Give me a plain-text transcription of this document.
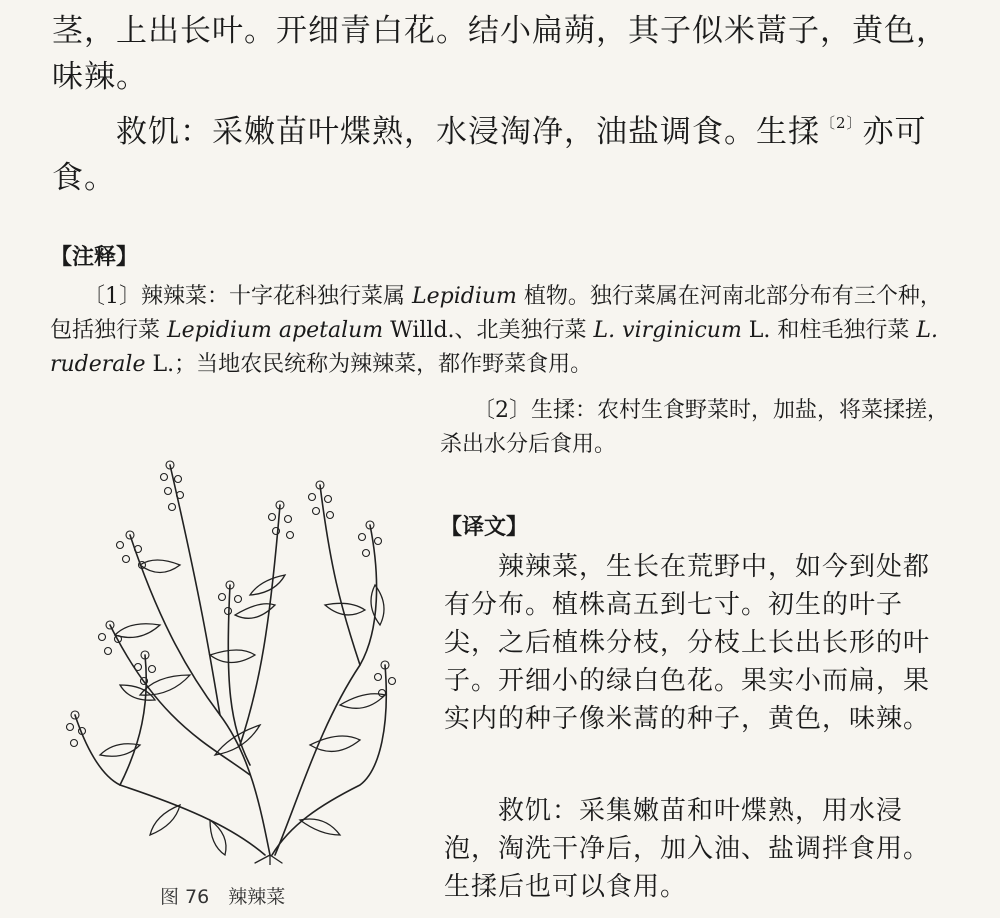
茎，上出长叶。开细青白花。结小扁蒴，其子似米蒿子，黄色，味辣。

　　救饥：采嫩苗叶煠熟，水浸淘净，油盐调食。生揉$^{〔2〕}$亦可食。

【注释】

　　〔1〕辣辣菜：十字花科独行菜属 Lepidium 植物。独行菜属在河南北部分布有三个种，包括独行菜 Lepidium apetalum Willd.、北美独行菜 L. virginicum L. 和柱毛独行菜 L. ruderale L.；当地农民统称为辣辣菜，都作野菜食用。

　　〔2〕生揉：农村生食野菜时，加盐，将菜揉搓，杀出水分后食用。

【译文】

　　辣辣菜，生长在荒野中，如今到处都有分布。植株高五到七寸。初生的叶子尖，之后植株分枝，分枝上长出长形的叶子。开细小的绿白色花。果实小而扁，果实内的种子像米蒿的种子，黄色，味辣。

　　救饥：采集嫩苗和叶煠熟，用水浸泡，淘洗干净后，加入油、盐调拌食用。生揉后也可以食用。

图 76　辣辣菜
